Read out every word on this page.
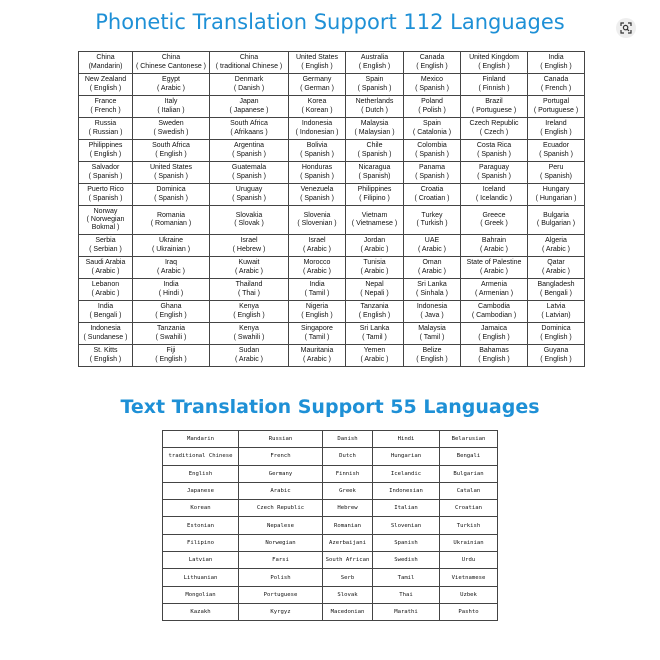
Phonetic Translation Support 112 Languages
China
(Mandarin)	China
( Chinese Cantonese )	China
( traditional Chinese )	United States
( English )	Australia
( English )	Canada
( English )	United Kingdom
( English )	India
( English )

New Zealand
( English )	Egypt
( Arabic )	Denmark
( Danish )	Germany
( German )	Spain
( Spanish )	Mexico
( Spanish )	Finland
( Finnish )	Canada
( French )

France
( French )	Italy
( Italian )	Japan
( Japanese )	Korea
( Korean )	Netherlands
( Dutch )	Poland
( Polish )	Brazil
( Portuguese )	Portugal
( Portuguese )

Russia
( Russian )	Sweden
( Swedish )	South Africa
( Afrikaans )	Indonesia
( Indonesian )	Malaysia
( Malaysian )	Spain
( Catalonia )	Czech Republic
( Czech )	Ireland
( English )

Philippines
( English )	South Africa
( English )	Argentina
( Spanish )	Bolivia
( Spanish )	Chile
( Spanish )	Colombia
( Spanish )	Costa Rica
( Spanish )	Ecuador
( Spanish )

Salvador
( Spanish )	United States
( Spanish )	Guatemala
( Spanish )	Honduras
( Spanish )	Nicaragua
( Spanish)	Panama
( Spanish )	Paraguay
( Spanish )	Peru
( Spanish)

Puerto Rico
( Spanish )	Dominica
( Spanish )	Uruguay
( Spanish )	Venezuela
( Spanish )	Philippines
( Filipino )	Croatia
( Croatian )	Iceland
( Icelandic )	Hungary
( Hungarian )

Norway
( Norwegian
Bokmal )	Romania
( Romanian )	Slovakia
( Slovak )	Slovenia
( Slovenian )	Vietnam
( Vietnamese )	Turkey
( Turkish )	Greece
( Greek )	Bulgaria
( Bulgarian )

Serbia
( Serbian )	Ukraine
( Ukrainian )	Israel
( Hebrew )	Israel
( Arabic )	Jordan
( Arabic )	UAE
( Arabic )	Bahrain
( Arabic )	Algeria
( Arabic )

Saudi Arabia
( Arabic )	Iraq
( Arabic )	Kuwait
( Arabic )	Morocco
( Arabic )	Tunisia
( Arabic )	Oman
( Arabic )	State of Palestine
( Arabic )	Qatar
( Arabic )

Lebanon
( Arabic )	India
( Hindi )	Thailand
( Thai )	India
( Tamil )	Nepal
( Nepali )	Sri Lanka
( Sinhala )	Armenia
( Armenian )	Bangladesh
( Bengali )

India
( Bengali )	Ghana
( English )	Kenya
( English )	Nigeria
( English )	Tanzania
( English )	Indonesia
( Java )	Cambodia
( Cambodian )	Latvia
( Latvian)

Indonesia
( Sundanese )	Tanzania
( Swahili )	Kenya
( Swahili )	Singapore
( Tamil )	Sri Lanka
( Tamil )	Malaysia
( Tamil )	Jamaica
( English )	Dominica
( English )

St. Kitts
( English )	Fiji
( English )	Sudan
( Arabic )	Mauritania
( Arabic )	Yemen
( Arabic )	Belize
( English )	Bahamas
( English )	Guyana
( English )
Text Translation Support 55 Languages
Mandarin	Russian	Danish	Hindi	Belarusian
traditional Chinese	French	Dutch	Hungarian	Bengali
English	Germany	Finnish	Icelandic	Bulgarian
Japanese	Arabic	Greek	Indonesian	Catalan
Korean	Czech Republic	Hebrew	Italian	Croatian
Estonian	Nepalese	Romanian	Slovenian	Turkish
Filipino	Norwegian	Azerbaijani	Spanish	Ukrainian
Latvian	Farsi	South African	Swedish	Urdu
Lithuanian	Polish	Serb	Tamil	Vietnamese
Mongolian	Portuguese	Slovak	Thai	Uzbek
Kazakh	Kyrgyz	Macedonian	Marathi	Pashto
